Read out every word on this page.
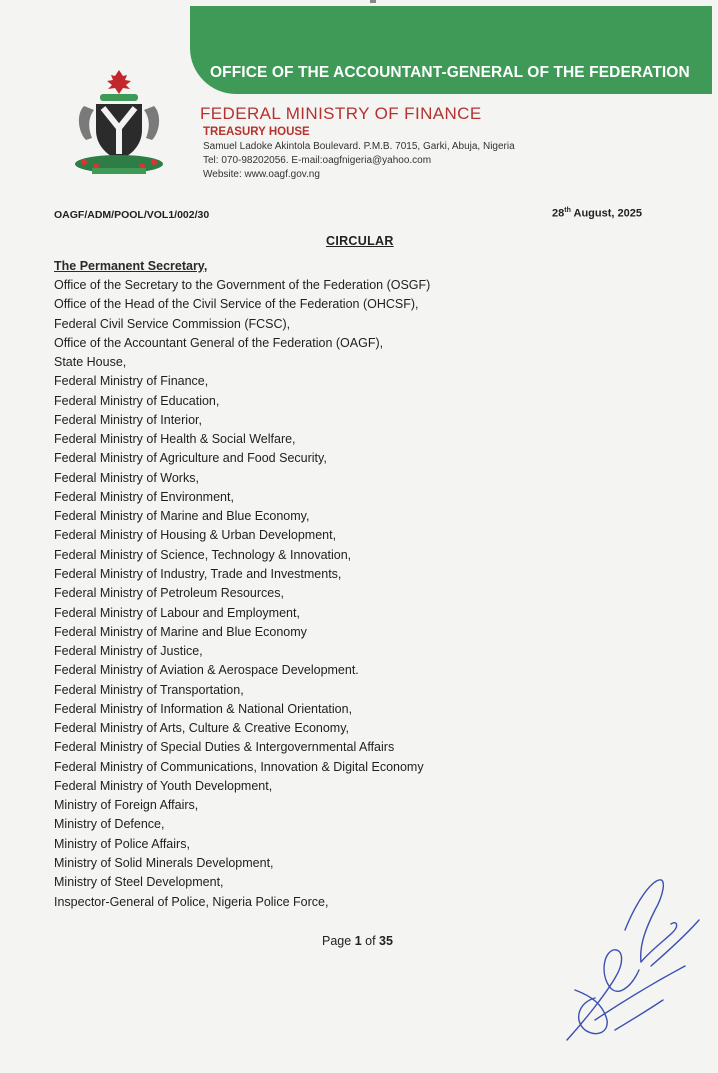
OFFICE OF THE ACCOUNTANT-GENERAL OF THE FEDERATION
FEDERAL MINISTRY OF FINANCE
TREASURY HOUSE
Samuel Ladoke Akintola Boulevard. P.M.B. 7015, Garki, Abuja, Nigeria
Tel: 070-98202056. E-mail:oagfnigeria@yahoo.com
Website: www.oagf.gov.ng
OAGF/ADM/POOL/VOL1/002/30	28th August, 2025
CIRCULAR
The Permanent Secretary,
Office of the Secretary to the Government of the Federation (OSGF)
Office of the Head of the Civil Service of the Federation (OHCSF),
Federal Civil Service Commission (FCSC),
Office of the Accountant General of the Federation (OAGF),
State House,
Federal Ministry of Finance,
Federal Ministry of Education,
Federal Ministry of Interior,
Federal Ministry of Health & Social Welfare,
Federal Ministry of Agriculture and Food Security,
Federal Ministry of Works,
Federal Ministry of Environment,
Federal Ministry of Marine and Blue Economy,
Federal Ministry of Housing & Urban Development,
Federal Ministry of Science, Technology & Innovation,
Federal Ministry of Industry, Trade and Investments,
Federal Ministry of Petroleum Resources,
Federal Ministry of Labour and Employment,
Federal Ministry of Marine and Blue Economy
Federal Ministry of Justice,
Federal Ministry of Aviation & Aerospace Development.
Federal Ministry of Transportation,
Federal Ministry of Information & National Orientation,
Federal Ministry of Arts, Culture & Creative Economy,
Federal Ministry of Special Duties & Intergovernmental Affairs
Federal Ministry of Communications, Innovation & Digital Economy
Federal Ministry of Youth Development,
Ministry of Foreign Affairs,
Ministry of Defence,
Ministry of Police Affairs,
Ministry of Solid Minerals Development,
Ministry of Steel Development,
Inspector-General of Police, Nigeria Police Force,
Page 1 of 35
